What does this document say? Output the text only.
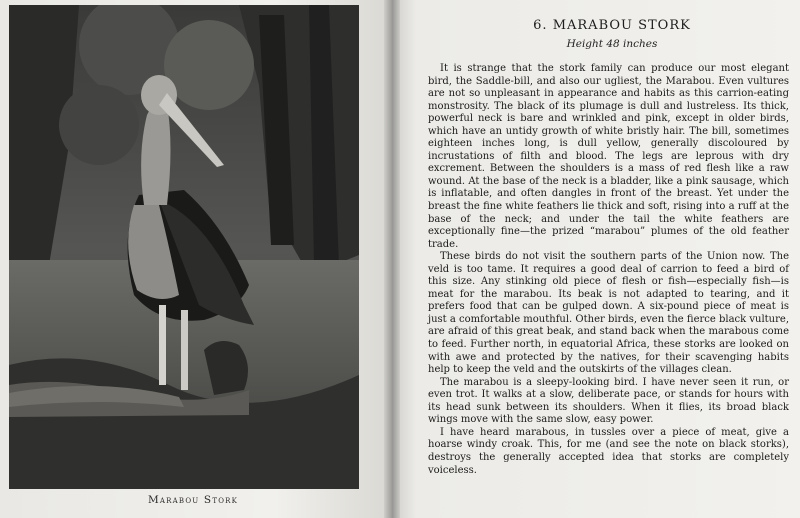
Marabou Stork
6. MARABOU STORK
Height 48 inches

It is strange that the stork family can produce our most elegant bird, the Saddle-bill, and also our ugliest, the Marabou. Even vultures are not so unpleasant in appearance and habits as this carrion-eating monstrosity. The black of its plumage is dull and lustreless. Its thick, powerful neck is bare and wrinkled and pink, except in older birds, which have an untidy growth of white bristly hair. The bill, sometimes eighteen inches long, is dull yellow, generally discoloured by incrustations of filth and blood. The legs are leprous with dry excrement. Between the shoulders is a mass of red flesh like a raw wound. At the base of the neck is a bladder, like a pink sausage, which is inflatable, and often dangles in front of the breast. Yet under the breast the fine white feathers lie thick and soft, rising into a ruff at the base of the neck; and under the tail the white feathers are exceptionally fine—the prized “marabou” plumes of the old feather trade.

These birds do not visit the southern parts of the Union now. The veld is too tame. It requires a good deal of carrion to feed a bird of this size. Any stinking old piece of flesh or fish—especially fish—is meat for the marabou. Its beak is not adapted to tearing, and it prefers food that can be gulped down. A six-pound piece of meat is just a comfortable mouthful. Other birds, even the fierce black vulture, are afraid of this great beak, and stand back when the marabous come to feed. Further north, in equatorial Africa, these storks are looked on with awe and protected by the natives, for their scavenging habits help to keep the veld and the outskirts of the villages clean.

The marabou is a sleepy-looking bird. I have never seen it run, or even trot. It walks at a slow, deliberate pace, or stands for hours with its head sunk between its shoulders. When it flies, its broad black wings move with the same slow, easy power.

I have heard marabous, in tussles over a piece of meat, give a hoarse windy croak. This, for me (and see the note on black storks), destroys the generally accepted idea that storks are completely voiceless.
